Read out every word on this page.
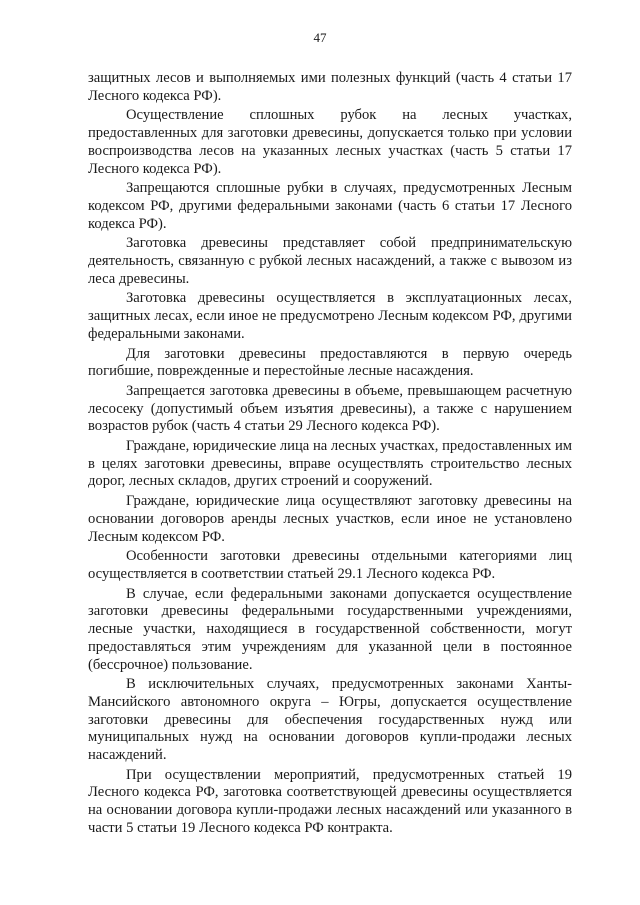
47

защитных лесов и выполняемых ими полезных функций (часть 4 статьи 17 Лесного кодекса РФ).

Осуществление сплошных рубок на лесных участках, предоставленных для заготовки древесины, допускается только при условии воспроизводства лесов на указанных лесных участках (часть 5 статьи 17 Лесного кодекса РФ).

Запрещаются сплошные рубки в случаях, предусмотренных Лесным кодексом РФ, другими федеральными законами (часть 6 статьи 17 Лесного кодекса РФ).

Заготовка древесины представляет собой предпринимательскую деятельность, связанную с рубкой лесных насаждений, а также с вывозом из леса древесины.

Заготовка древесины осуществляется в эксплуатационных лесах, защитных лесах, если иное не предусмотрено Лесным кодексом РФ, другими федеральными законами.

Для заготовки древесины предоставляются в первую очередь погибшие, поврежденные и перестойные лесные насаждения.

Запрещается заготовка древесины в объеме, превышающем расчетную лесосеку (допустимый объем изъятия древесины), а также с нарушением возрастов рубок (часть 4 статьи 29 Лесного кодекса РФ).

Граждане, юридические лица на лесных участках, предоставленных им в целях заготовки древесины, вправе осуществлять строительство лесных дорог, лесных складов, других строений и сооружений.

Граждане, юридические лица осуществляют заготовку древесины на основании договоров аренды лесных участков, если иное не установлено Лесным кодексом РФ.

Особенности заготовки древесины отдельными категориями лиц осуществляется в соответствии статьей 29.1 Лесного кодекса РФ.

В случае, если федеральными законами допускается осуществление заготовки древесины федеральными государственными учреждениями, лесные участки, находящиеся в государственной собственности, могут предоставляться этим учреждениям для указанной цели в постоянное (бессрочное) пользование.

В исключительных случаях, предусмотренных законами Ханты-Мансийского автономного округа – Югры, допускается осуществление заготовки древесины для обеспечения государственных нужд или муниципальных нужд на основании договоров купли-продажи лесных насаждений.

При осуществлении мероприятий, предусмотренных статьей 19 Лесного кодекса РФ, заготовка соответствующей древесины осуществляется на основании договора купли-продажи лесных насаждений или указанного в части 5 статьи 19 Лесного кодекса РФ контракта.
